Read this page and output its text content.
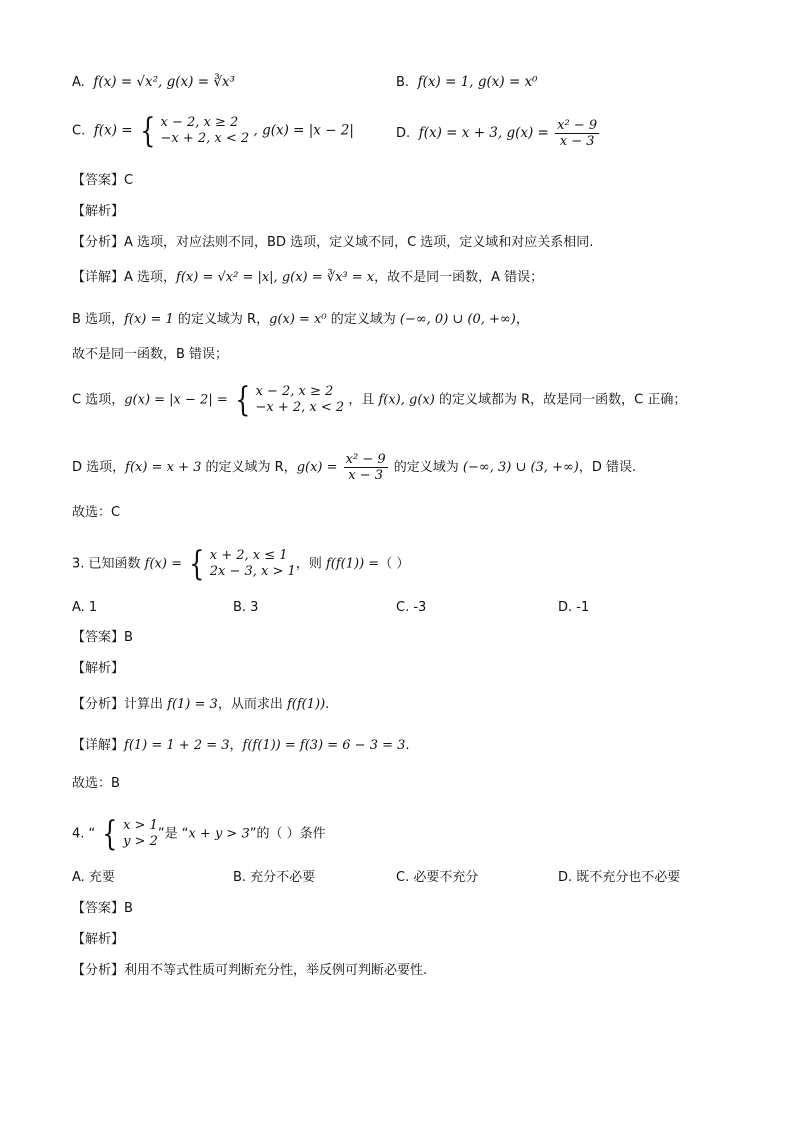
A. f(x) = √x², g(x) = ∛x³	B. f(x) = 1, g(x) = x⁰
C. f(x) = { x − 2, x ≥ 2
−x + 2, x < 2 , g(x) = |x − 2|	D. f(x) = x + 3, $g(x) = \frac{\text{x² − 9}}{x - 3}$
【答案】C
【解析】
【分析】A 选项，对应法则不同，BD 选项，定义域不同，C 选项，定义域和对应关系相同.
【详解】A 选项，f(x) = √x² = |x|, g(x) = ∛x³ = x，故不是同一函数，A 错误；
B 选项，f(x) = 1 的定义域为 R，g(x) = x⁰ 的定义域为 (−∞, 0) ∪ (0, +∞)，
故不是同一函数，B 错误；
C 选项，g(x) = |x − 2| = { x − 2, x ≥ 2
−x + 2, x < 2 ，且 f(x), g(x) 的定义域都为 R，故是同一函数，C 正确；
D 选项，f(x) = x + 3 的定义域为 R，$g(x) = \frac{\text{x² − 9}}{x - 3}$ 的定义域为 (−∞, 3) ∪ (3, +∞)，D 错误.
故选：C
3. 已知函数 f(x) = { x + 2, x ≤ 1
2x − 3, x > 1 ，则 f(f(1)) =（ ）
A. 1	B. 3	C. -3	D. -1
【答案】B
【解析】
【分析】计算出 f(1) = 3，从而求出 f(f(1)).
【详解】f(1) = 1 + 2 = 3，f(f(1)) = f(3) = 6 − 3 = 3.
故选：B
4. “ { x > 1
y > 2 ”是 “x + y > 3”的（ ）条件
A. 充要	B. 充分不必要	C. 必要不充分	D. 既不充分也不必要
【答案】B
【解析】
【分析】利用不等式性质可判断充分性，举反例可判断必要性.
